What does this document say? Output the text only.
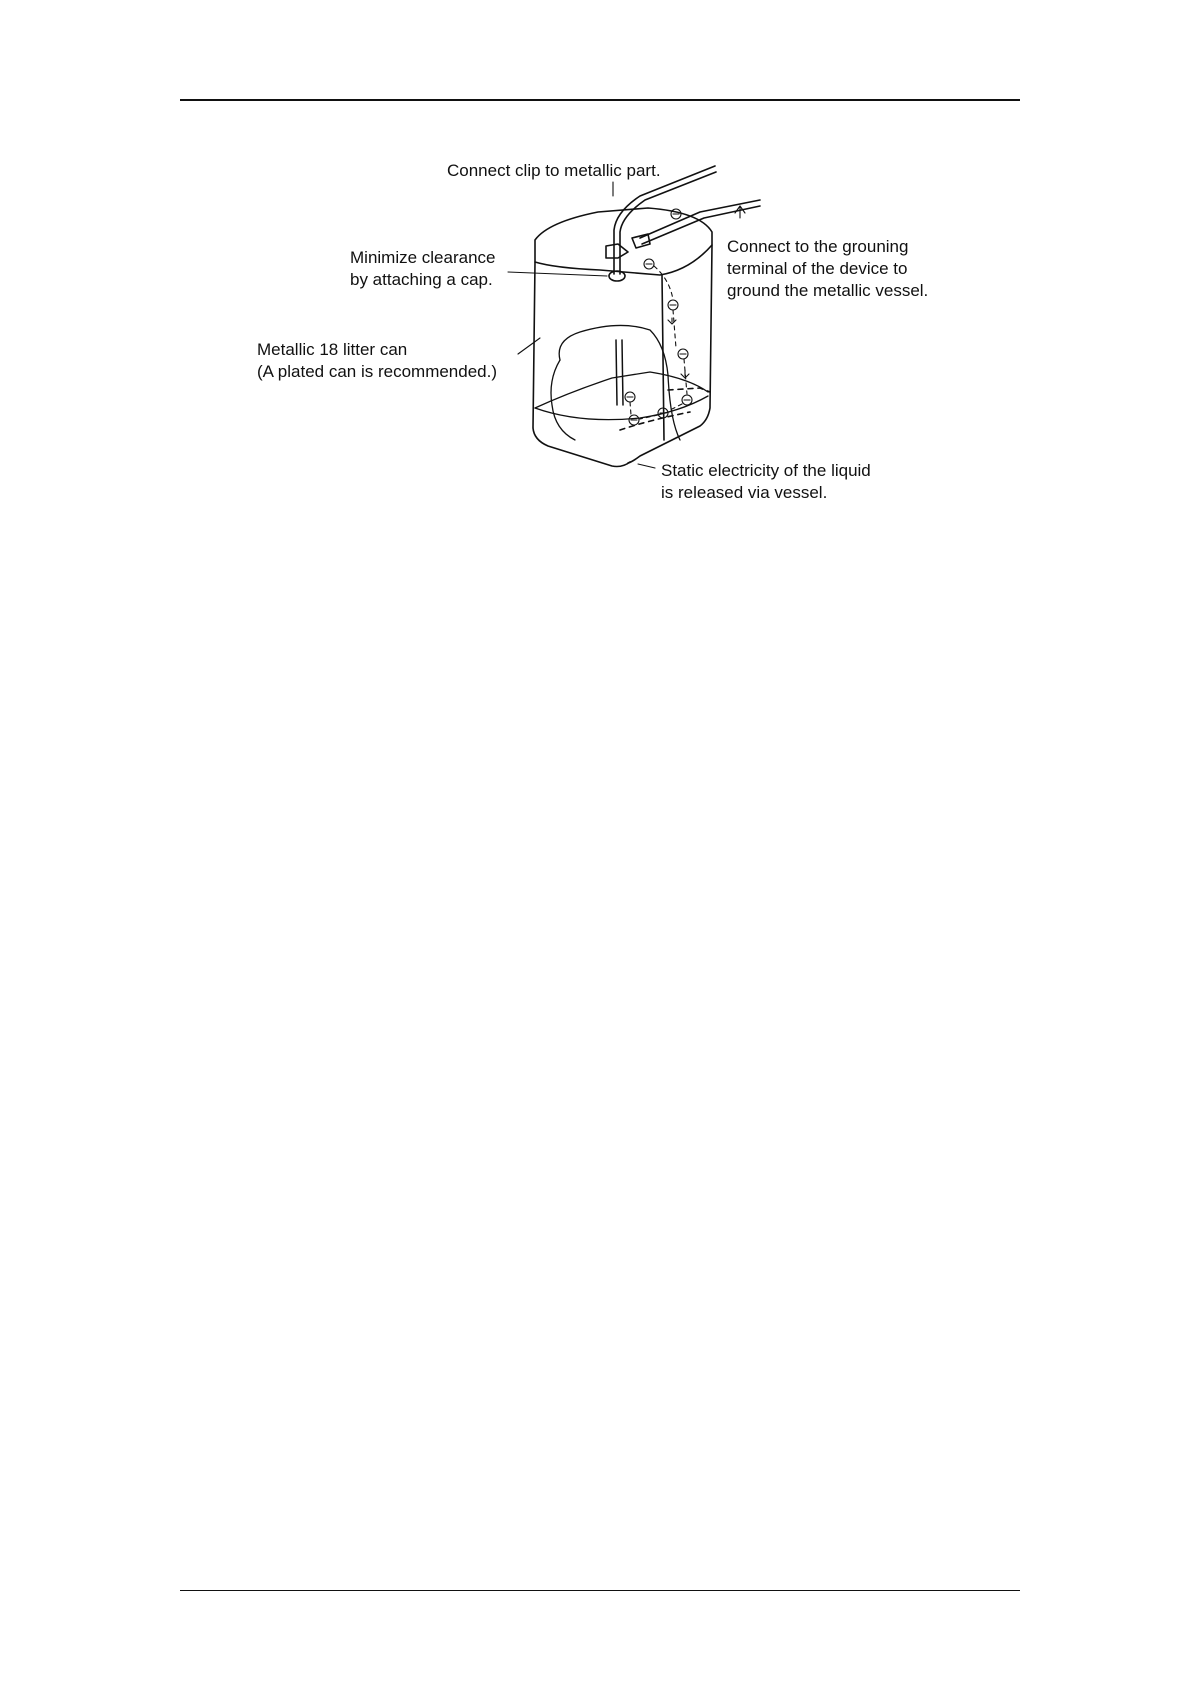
Connect clip to metallic part.
Minimize clearance
by attaching a cap.
Connect to the grouning
terminal of the device to
ground the metallic vessel.
Metallic 18 litter can
(A plated can is recommended.)
Static electricity of the liquid
is released via vessel.
